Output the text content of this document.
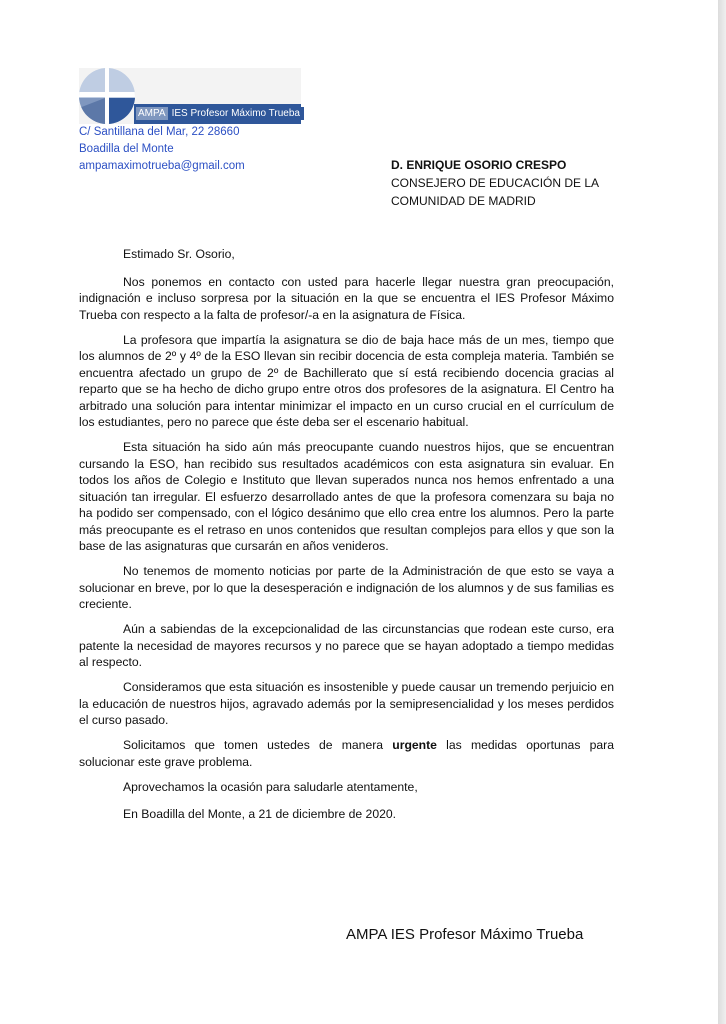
AMPA IES Profesor Máximo Trueba
C/ Santillana del Mar, 22 28660
Boadilla del Monte
ampamaximotrueba@gmail.com	D. ENRIQUE OSORIO CRESPO
CONSEJERO DE EDUCACIÓN DE LA
COMUNIDAD DE MADRID

Estimado Sr. Osorio,

Nos ponemos en contacto con usted para hacerle llegar nuestra gran preocupación, indignación e incluso sorpresa por la situación en la que se encuentra el IES Profesor Máximo Trueba con respecto a la falta de profesor/-a en la asignatura de Física.

La profesora que impartía la asignatura se dio de baja hace más de un mes, tiempo que los alumnos de 2º y 4º de la ESO llevan sin recibir docencia de esta compleja materia. También se encuentra afectado un grupo de 2º de Bachillerato que sí está recibiendo docencia gracias al reparto que se ha hecho de dicho grupo entre otros dos profesores de la asignatura. El Centro ha arbitrado una solución para intentar minimizar el impacto en un curso crucial en el currículum de los estudiantes, pero no parece que éste deba ser el escenario habitual.

Esta situación ha sido aún más preocupante cuando nuestros hijos, que se encuentran cursando la ESO, han recibido sus resultados académicos con esta asignatura sin evaluar. En todos los años de Colegio e Instituto que llevan superados nunca nos hemos enfrentado a una situación tan irregular. El esfuerzo desarrollado antes de que la profesora comenzara su baja no ha podido ser compensado, con el lógico desánimo que ello crea entre los alumnos. Pero la parte más preocupante es el retraso en unos contenidos que resultan complejos para ellos y que son la base de las asignaturas que cursarán en años venideros.

No tenemos de momento noticias por parte de la Administración de que esto se vaya a solucionar en breve, por lo que la desesperación e indignación de los alumnos y de sus familias es creciente.

Aún a sabiendas de la excepcionalidad de las circunstancias que rodean este curso, era patente la necesidad de mayores recursos y no parece que se hayan adoptado a tiempo medidas al respecto.

Consideramos que esta situación es insostenible y puede causar un tremendo perjuicio en la educación de nuestros hijos, agravado además por la semipresencialidad y los meses perdidos el curso pasado.

Solicitamos que tomen ustedes de manera urgente las medidas oportunas para solucionar este grave problema.

Aprovechamos la ocasión para saludarle atentamente,

En Boadilla del Monte, a 21 de diciembre de 2020.

AMPA IES Profesor Máximo Trueba
